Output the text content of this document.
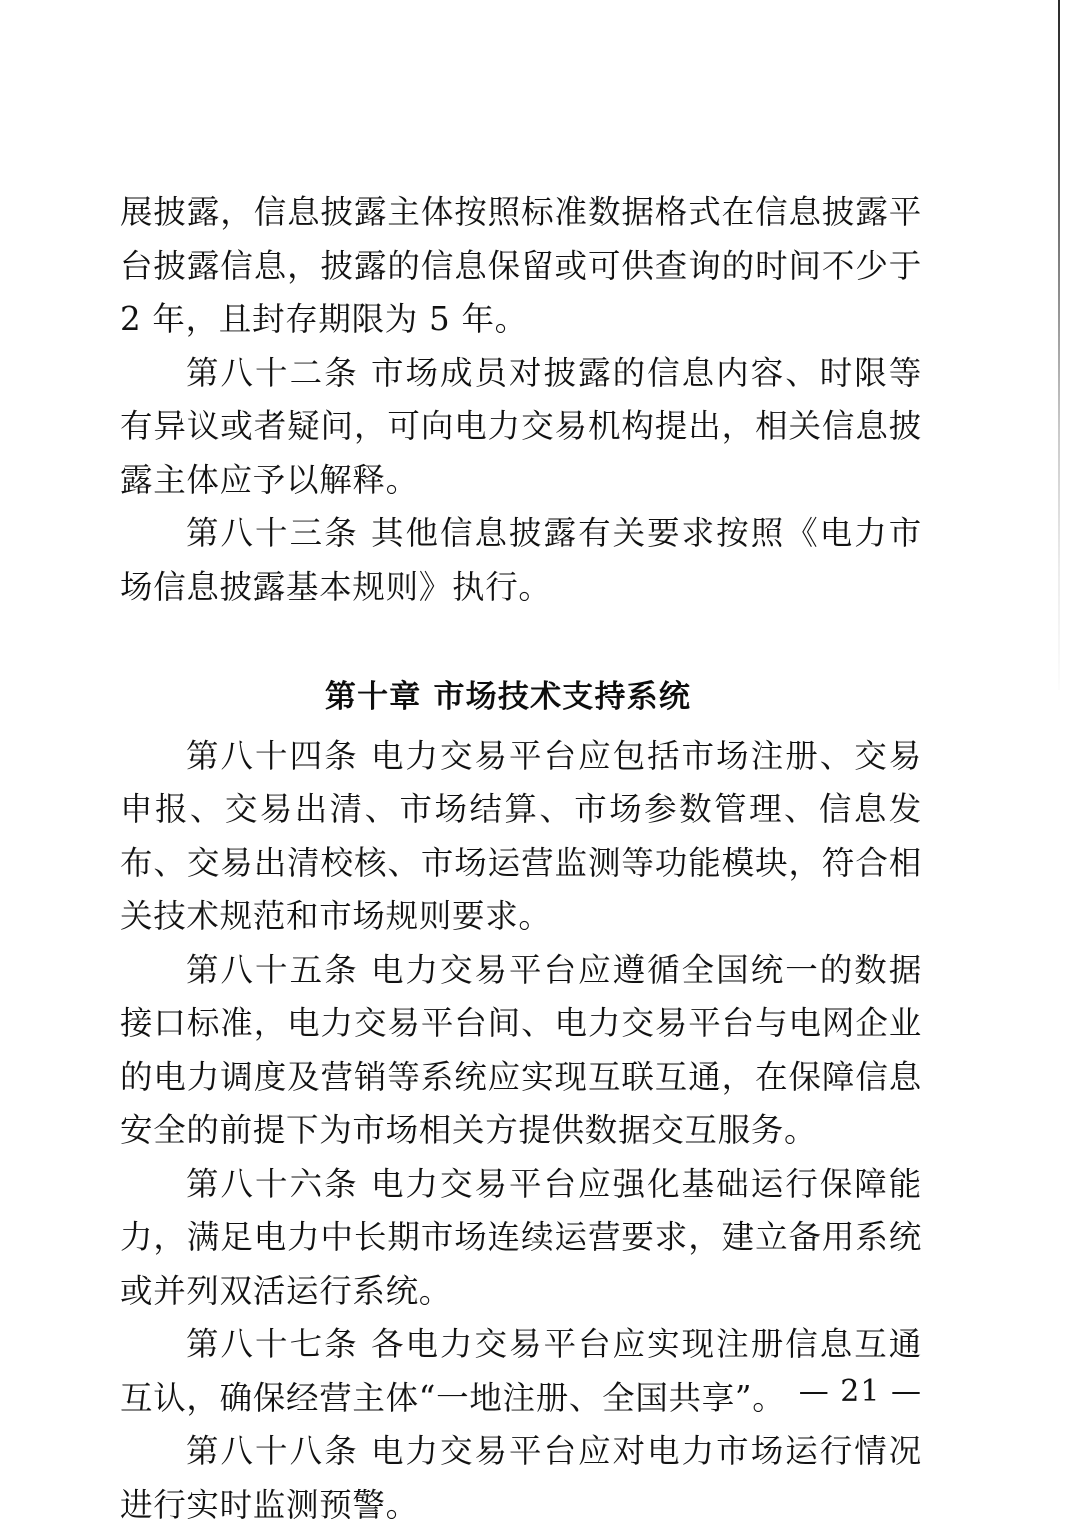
展披露，信息披露主体按照标准数据格式在信息披露平台披露信息，披露的信息保留或可供查询的时间不少于 2 年，且封存期限为 5 年。

第八十二条 市场成员对披露的信息内容、时限等有异议或者疑问，可向电力交易机构提出，相关信息披露主体应予以解释。

第八十三条 其他信息披露有关要求按照《电力市场信息披露基本规则》执行。

第十章 市场技术支持系统

第八十四条 电力交易平台应包括市场注册、交易申报、交易出清、市场结算、市场参数管理、信息发布、交易出清校核、市场运营监测等功能模块，符合相关技术规范和市场规则要求。

第八十五条 电力交易平台应遵循全国统一的数据接口标准，电力交易平台间、电力交易平台与电网企业的电力调度及营销等系统应实现互联互通，在保障信息安全的前提下为市场相关方提供数据交互服务。

第八十六条 电力交易平台应强化基础运行保障能力，满足电力中长期市场连续运营要求，建立备用系统或并列双活运行系统。

第八十七条 各电力交易平台应实现注册信息互通互认，确保经营主体“一地注册、全国共享”。

第八十八条 电力交易平台应对电力市场运行情况进行实时监测预警。

— 21 —
